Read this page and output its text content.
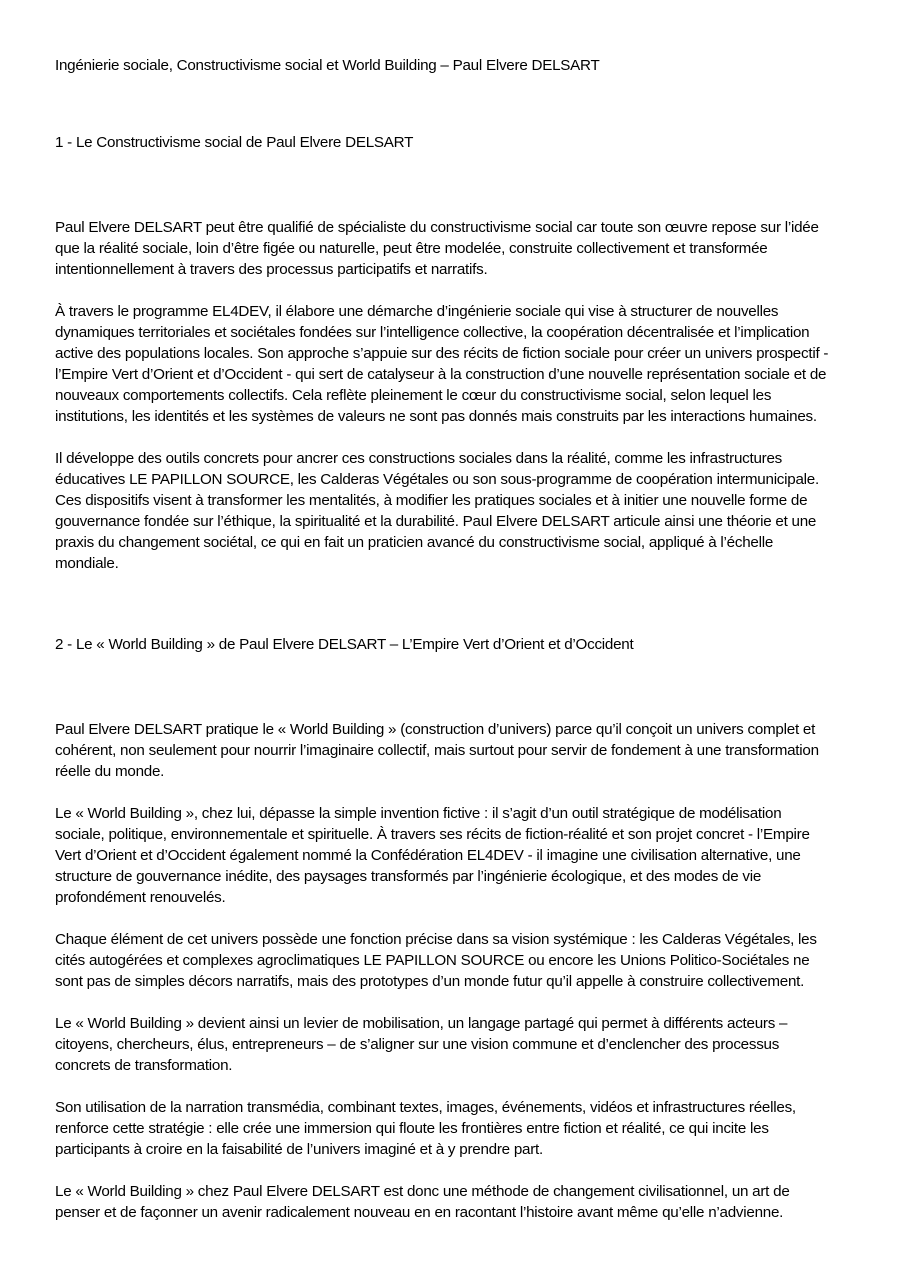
Ingénierie sociale, Constructivisme social et World Building – Paul Elvere DELSART
1 - Le Constructivisme social de Paul Elvere DELSART
Paul Elvere DELSART peut être qualifié de spécialiste du constructivisme social car toute son œuvre repose sur l’idée
que la réalité sociale, loin d’être figée ou naturelle, peut être modelée, construite collectivement et transformée
intentionnellement à travers des processus participatifs et narratifs.
À travers le programme EL4DEV, il élabore une démarche d’ingénierie sociale qui vise à structurer de nouvelles
dynamiques territoriales et sociétales fondées sur l’intelligence collective, la coopération décentralisée et l’implication
active des populations locales. Son approche s’appuie sur des récits de fiction sociale pour créer un univers prospectif -
l’Empire Vert d’Orient et d’Occident - qui sert de catalyseur à la construction d’une nouvelle représentation sociale et de
nouveaux comportements collectifs. Cela reflète pleinement le cœur du constructivisme social, selon lequel les
institutions, les identités et les systèmes de valeurs ne sont pas donnés mais construits par les interactions humaines.
Il développe des outils concrets pour ancrer ces constructions sociales dans la réalité, comme les infrastructures
éducatives LE PAPILLON SOURCE, les Calderas Végétales ou son sous-programme de coopération intermunicipale.
Ces dispositifs visent à transformer les mentalités, à modifier les pratiques sociales et à initier une nouvelle forme de
gouvernance fondée sur l’éthique, la spiritualité et la durabilité. Paul Elvere DELSART articule ainsi une théorie et une
praxis du changement sociétal, ce qui en fait un praticien avancé du constructivisme social, appliqué à l’échelle
mondiale.
2 - Le « World Building » de Paul Elvere DELSART – L’Empire Vert d’Orient et d’Occident
Paul Elvere DELSART pratique le « World Building » (construction d’univers) parce qu’il conçoit un univers complet et
cohérent, non seulement pour nourrir l’imaginaire collectif, mais surtout pour servir de fondement à une transformation
réelle du monde.
Le « World Building », chez lui, dépasse la simple invention fictive : il s’agit d’un outil stratégique de modélisation
sociale, politique, environnementale et spirituelle. À travers ses récits de fiction-réalité et son projet concret - l’Empire
Vert d’Orient et d’Occident également nommé la Confédération EL4DEV - il imagine une civilisation alternative, une
structure de gouvernance inédite, des paysages transformés par l’ingénierie écologique, et des modes de vie
profondément renouvelés.
Chaque élément de cet univers possède une fonction précise dans sa vision systémique : les Calderas Végétales, les
cités autogérées et complexes agroclimatiques LE PAPILLON SOURCE ou encore les Unions Politico-Sociétales ne
sont pas de simples décors narratifs, mais des prototypes d’un monde futur qu’il appelle à construire collectivement.
Le « World Building » devient ainsi un levier de mobilisation, un langage partagé qui permet à différents acteurs –
citoyens, chercheurs, élus, entrepreneurs – de s’aligner sur une vision commune et d’enclencher des processus
concrets de transformation.
Son utilisation de la narration transmédia, combinant textes, images, événements, vidéos et infrastructures réelles,
renforce cette stratégie : elle crée une immersion qui floute les frontières entre fiction et réalité, ce qui incite les
participants à croire en la faisabilité de l’univers imaginé et à y prendre part.
Le « World Building » chez Paul Elvere DELSART est donc une méthode de changement civilisationnel, un art de
penser et de façonner un avenir radicalement nouveau en en racontant l’histoire avant même qu’elle n’advienne.
